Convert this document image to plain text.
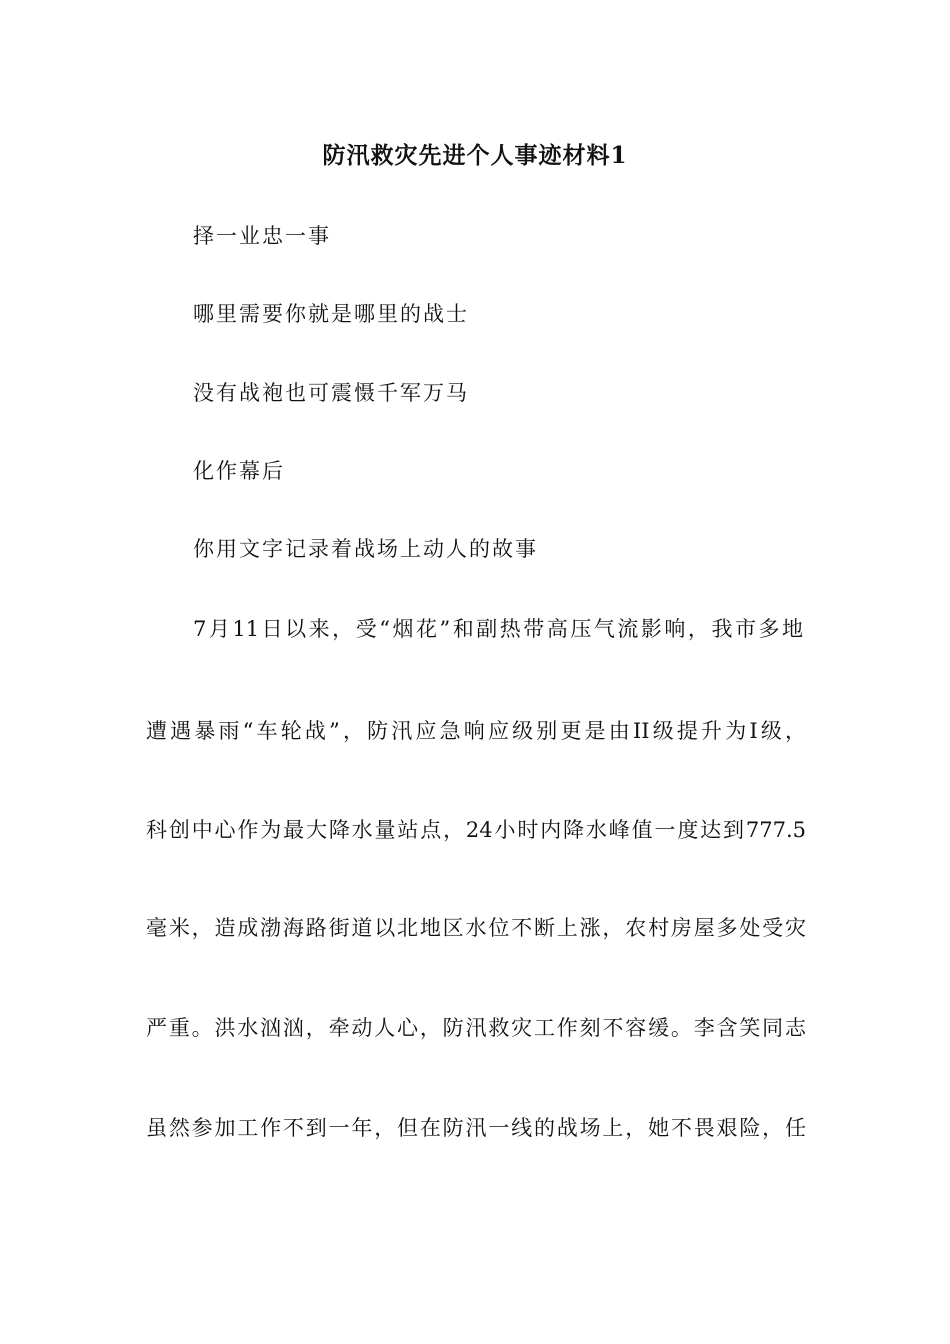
防汛救灾先进个人事迹材料1
择一业忠一事
哪里需要你就是哪里的战士
没有战袍也可震慑千军万马
化作幕后
你用文字记录着战场上动人的故事
7月11日以来，受“烟花”和副热带高压气流影响，我市多地
遭遇暴雨“车轮战”，防汛应急响应级别更是由II级提升为I级，
科创中心作为最大降水量站点，24小时内降水峰值一度达到777.5
毫米，造成渤海路街道以北地区水位不断上涨，农村房屋多处受灾
严重。洪水汹汹，牵动人心，防汛救灾工作刻不容缓。李含笑同志
虽然参加工作不到一年，但在防汛一线的战场上，她不畏艰险，任
